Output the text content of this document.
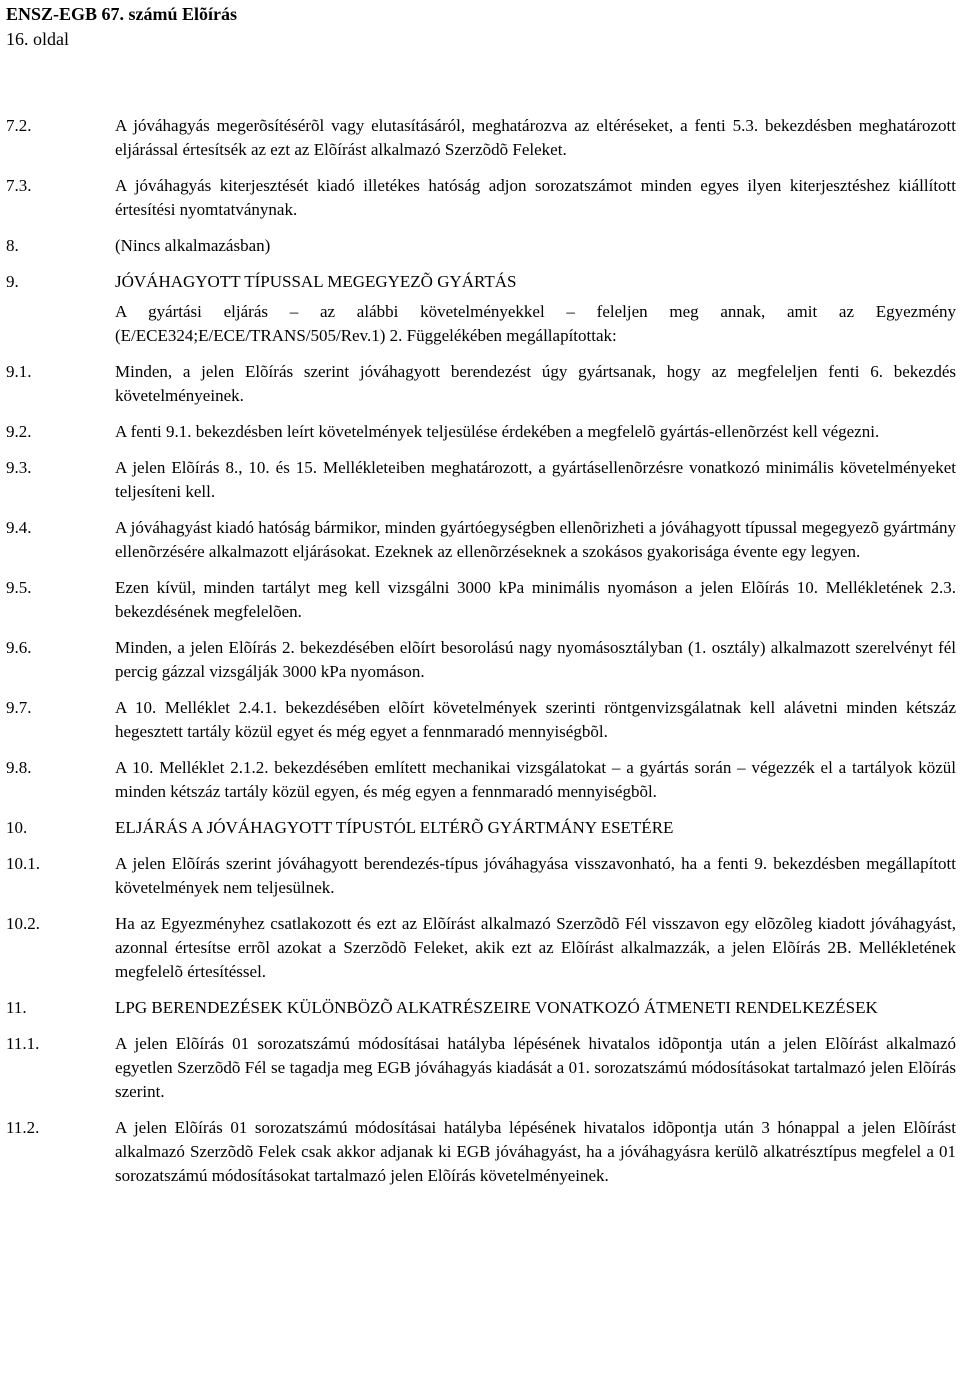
ENSZ-EGB 67. számú Elõírás
16. oldal
7.2.	A jóváhagyás megerõsítésérõl vagy elutasításáról, meghatározva az eltéréseket, a fenti 5.3. bekezdésben meghatározott eljárással értesítsék az ezt az Elõírást alkalmazó Szerzõdõ Feleket.
7.3.	A jóváhagyás kiterjesztését kiadó illetékes hatóság adjon sorozatszámot minden egyes ilyen kiterjesztéshez kiállított értesítési nyomtatványnak.
8.	(Nincs alkalmazásban)
9.	JÓVÁHAGYOTT TÍPUSSAL MEGEGYEZÕ GYÁRTÁS
A gyártási eljárás – az alábbi követelményekkel – feleljen meg annak, amit az Egyezmény (E/ECE324;E/ECE/TRANS/505/Rev.1) 2. Függelékében megállapítottak:
9.1.	Minden, a jelen Elõírás szerint jóváhagyott berendezést úgy gyártsanak, hogy az megfeleljen fenti 6. bekezdés követelményeinek.
9.2.	A fenti 9.1. bekezdésben leírt követelmények teljesülése érdekében a megfelelõ gyártás-ellenõrzést kell végezni.
9.3.	A jelen Elõírás 8., 10. és 15. Mellékleteiben meghatározott, a gyártásellenõrzésre vonatkozó minimális követelményeket teljesíteni kell.
9.4.	A jóváhagyást kiadó hatóság bármikor, minden gyártóegységben ellenõrizheti a jóváhagyott típussal megegyezõ gyártmány ellenõrzésére alkalmazott eljárásokat. Ezeknek az ellenõrzéseknek a szokásos gyakorisága évente egy legyen.
9.5.	Ezen kívül, minden tartályt meg kell vizsgálni 3000 kPa minimális nyomáson a jelen Elõírás 10. Mellékletének 2.3. bekezdésének megfelelõen.
9.6.	Minden, a jelen Elõírás 2. bekezdésében elõírt besorolású nagy nyomásosztályban (1. osztály) alkalmazott szerelvényt fél percig gázzal vizsgálják 3000 kPa nyomáson.
9.7.	A 10. Melléklet 2.4.1. bekezdésében elõírt követelmények szerinti röntgenvizsgálatnak kell alávetni minden kétszáz hegesztett tartály közül egyet és még egyet a fennmaradó mennyiségbõl.
9.8.	A 10. Melléklet 2.1.2. bekezdésében említett mechanikai vizsgálatokat – a gyártás során – végezzék el a tartályok közül minden kétszáz tartály közül egyen, és még egyen a fennmaradó mennyiségbõl.
10.	ELJÁRÁS A JÓVÁHAGYOTT TÍPUSTÓL ELTÉRÕ GYÁRTMÁNY ESETÉRE
10.1.	A jelen Elõírás szerint jóváhagyott berendezés-típus jóváhagyása visszavonható, ha a fenti 9. bekezdésben megállapított követelmények nem teljesülnek.
10.2.	Ha az Egyezményhez csatlakozott és ezt az Elõírást alkalmazó Szerzõdõ Fél visszavon egy elõzõleg kiadott jóváhagyást, azonnal értesítse errõl azokat a Szerzõdõ Feleket, akik ezt az Elõírást alkalmazzák, a jelen Elõírás 2B. Mellékletének megfelelõ értesítéssel.
11.	LPG BERENDEZÉSEK KÜLÖNBÖZÕ ALKATRÉSZEIRE VONATKOZÓ ÁTMENETI RENDELKEZÉSEK
11.1.	A jelen Elõírás 01 sorozatszámú módosításai hatályba lépésének hivatalos idõpontja után a jelen Elõírást alkalmazó egyetlen Szerzõdõ Fél se tagadja meg EGB jóváhagyás kiadását a 01. sorozatszámú módosításokat tartalmazó jelen Elõírás szerint.
11.2.	A jelen Elõírás 01 sorozatszámú módosításai hatályba lépésének hivatalos idõpontja után 3 hónappal a jelen Elõírást alkalmazó Szerzõdõ Felek csak akkor adjanak ki EGB jóváhagyást, ha a jóváhagyásra kerülõ alkatrésztípus megfelel a 01 sorozatszámú módosításokat tartalmazó jelen Elõírás követelményeinek.
